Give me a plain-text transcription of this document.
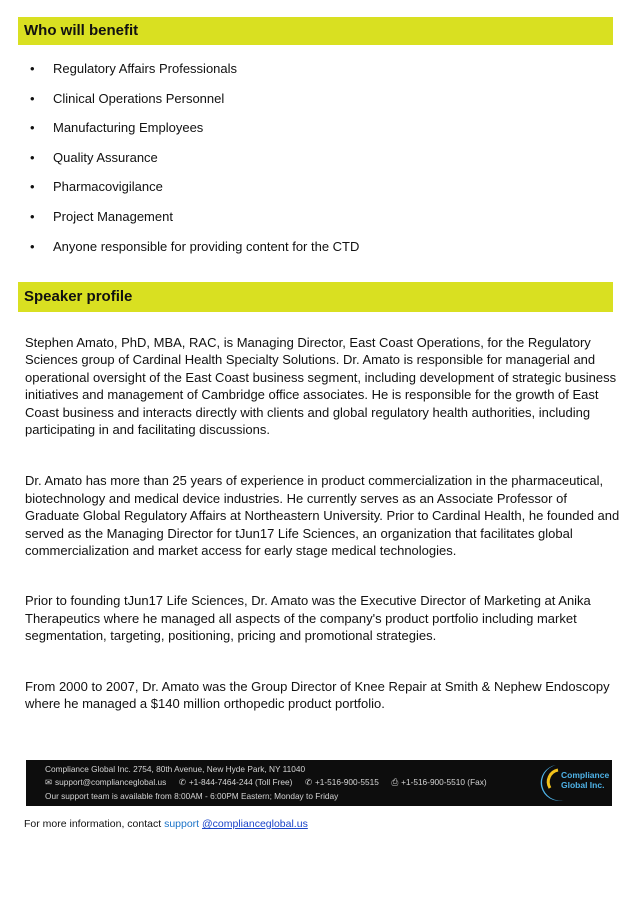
Who will benefit
•	Regulatory Affairs Professionals
•	Clinical Operations Personnel
•	Manufacturing Employees
•	Quality Assurance
•	Pharmacovigilance
•	Project Management
•	Anyone responsible for providing content for the CTD
Speaker profile

Stephen Amato, PhD, MBA, RAC, is Managing Director, East Coast Operations, for the Regulatory Sciences group of Cardinal Health Specialty Solutions. Dr. Amato is responsible for managerial and operational oversight of the East Coast business segment, including development of strategic business initiatives and management of Cambridge office associates. He is responsible for the growth of East Coast business and interacts directly with clients and global regulatory health authorities, including participating in and facilitating discussions.

Dr. Amato has more than 25 years of experience in product commercialization in the pharmaceutical, biotechnology and medical device industries. He currently serves as an Associate Professor of Graduate Global Regulatory Affairs at Northeastern University. Prior to Cardinal Health, he founded and served as the Managing Director for tJun17 Life Sciences, an organization that facilitates global commercialization and market access for early stage medical technologies.

Prior to founding tJun17 Life Sciences, Dr. Amato was the Executive Director of Marketing at Anika Therapeutics where he managed all aspects of the company's product portfolio including market segmentation, targeting, positioning, pricing and promotional strategies.

From 2000 to 2007, Dr. Amato was the Group Director of Knee Repair at Smith & Nephew Endoscopy where he managed a $140 million orthopedic product portfolio.

Compliance Global Inc. 2754, 80th Avenue, New Hyde Park, NY 11040
✉ support@complianceglobal.us ✆ +1-844-7464-244 (Toll Free) ✆ +1-516-900-5515 ⎙ +1-516-900-5510 (Fax)
Our support team is available from 8:00AM - 6:00PM Eastern; Monday to Friday
Compliance
Global Inc.
For more information, contact support @complianceglobal.us
